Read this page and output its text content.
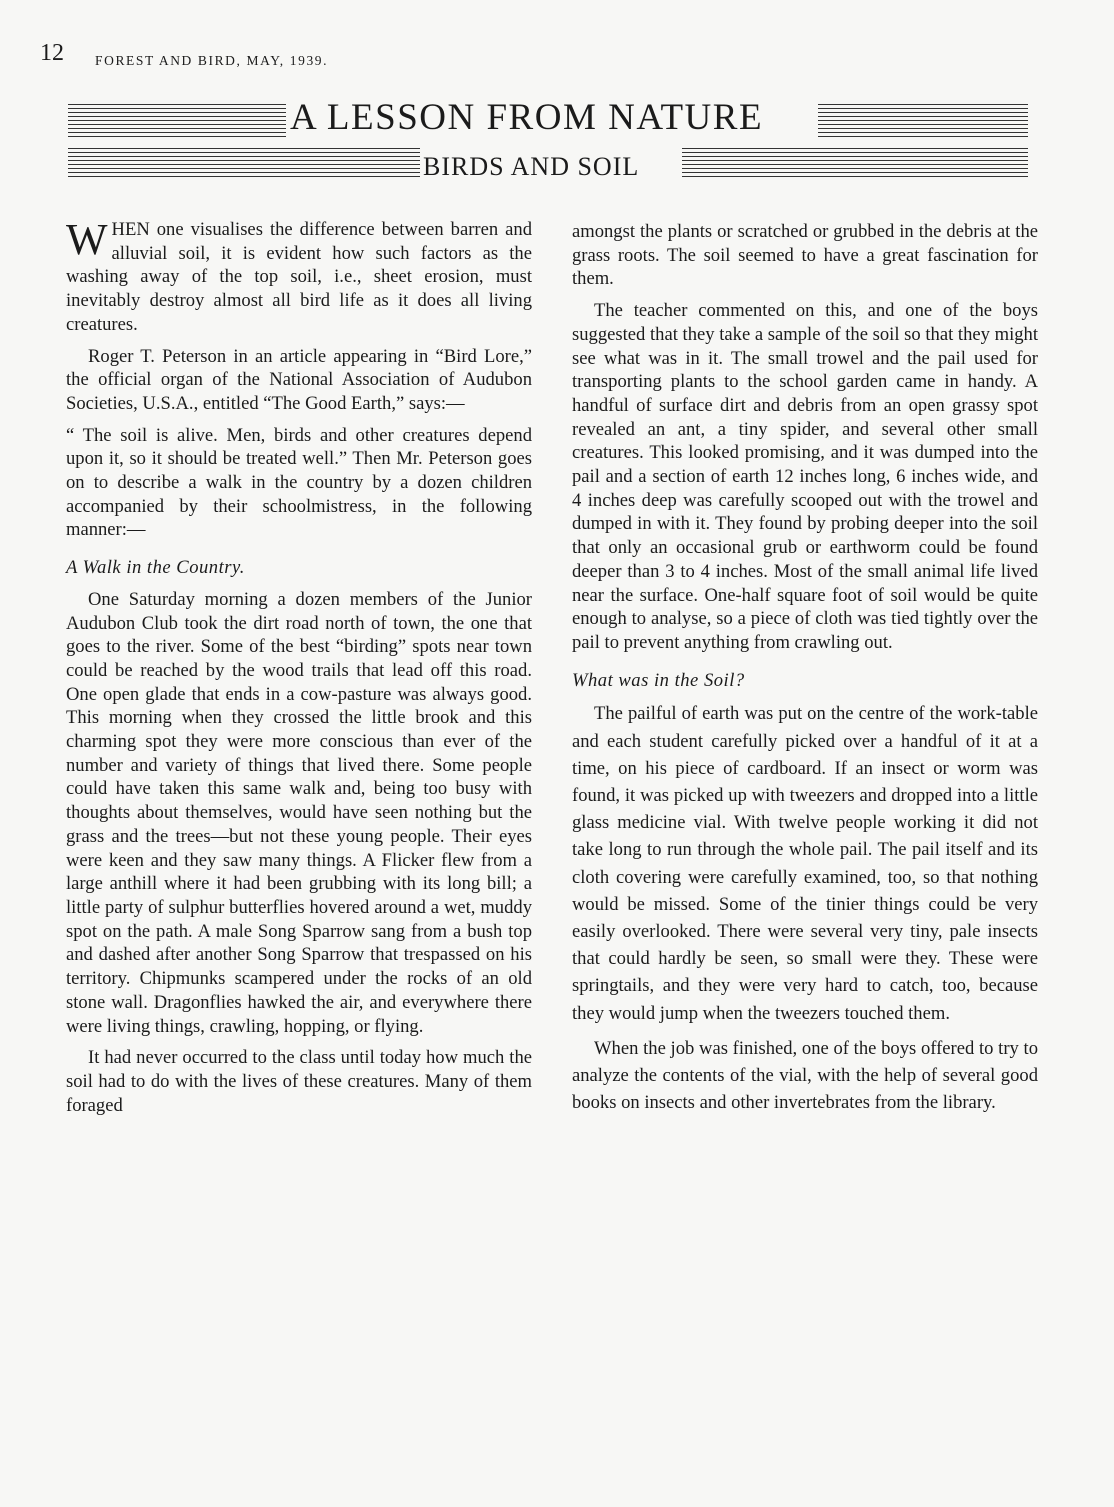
12 FOREST AND BIRD, MAY, 1939.
A LESSON FROM NATURE
BIRDS AND SOIL

WHEN one visualises the difference between barren and alluvial soil, it is evident how such factors as the washing away of the top soil, i.e., sheet erosion, must inevitably destroy almost all bird life as it does all living creatures.

Roger T. Peterson in an article appearing in “Bird Lore,” the official organ of the National Association of Audubon Societies, U.S.A., entitled “The Good Earth,” says:—

“ The soil is alive. Men, birds and other creatures depend upon it, so it should be treated well.” Then Mr. Peterson goes on to describe a walk in the country by a dozen children accompanied by their schoolmistress, in the following manner:—

A Walk in the Country.

One Saturday morning a dozen members of the Junior Audubon Club took the dirt road north of town, the one that goes to the river. Some of the best “birding” spots near town could be reached by the wood trails that lead off this road. One open glade that ends in a cow-pasture was always good. This morning when they crossed the little brook and this charming spot they were more conscious than ever of the number and variety of things that lived there. Some people could have taken this same walk and, being too busy with thoughts about themselves, would have seen nothing but the grass and the trees—but not these young people. Their eyes were keen and they saw many things. A Flicker flew from a large anthill where it had been grubbing with its long bill; a little party of sulphur butterflies hovered around a wet, muddy spot on the path. A male Song Sparrow sang from a bush top and dashed after another Song Sparrow that trespassed on his territory. Chipmunks scampered under the rocks of an old stone wall. Dragonflies hawked the air, and everywhere there were living things, crawling, hopping, or flying.

It had never occurred to the class until today how much the soil had to do with the lives of these creatures. Many of them foraged

amongst the plants or scratched or grubbed in the debris at the grass roots. The soil seemed to have a great fascination for them.

The teacher commented on this, and one of the boys suggested that they take a sample of the soil so that they might see what was in it. The small trowel and the pail used for transporting plants to the school garden came in handy. A handful of surface dirt and debris from an open grassy spot revealed an ant, a tiny spider, and several other small creatures. This looked promising, and it was dumped into the pail and a section of earth 12 inches long, 6 inches wide, and 4 inches deep was carefully scooped out with the trowel and dumped in with it. They found by probing deeper into the soil that only an occasional grub or earthworm could be found deeper than 3 to 4 inches. Most of the small animal life lived near the surface. One-half square foot of soil would be quite enough to analyse, so a piece of cloth was tied tightly over the pail to prevent anything from crawling out.

What was in the Soil?

The pailful of earth was put on the centre of the work-table and each student carefully picked over a handful of it at a time, on his piece of cardboard. If an insect or worm was found, it was picked up with tweezers and dropped into a little glass medicine vial. With twelve people working it did not take long to run through the whole pail. The pail itself and its cloth covering were carefully examined, too, so that nothing would be missed. Some of the tinier things could be very easily overlooked. There were several very tiny, pale insects that could hardly be seen, so small were they. These were springtails, and they were very hard to catch, too, because they would jump when the tweezers touched them.

When the job was finished, one of the boys offered to try to analyze the contents of the vial, with the help of several good books on insects and other invertebrates from the library.
